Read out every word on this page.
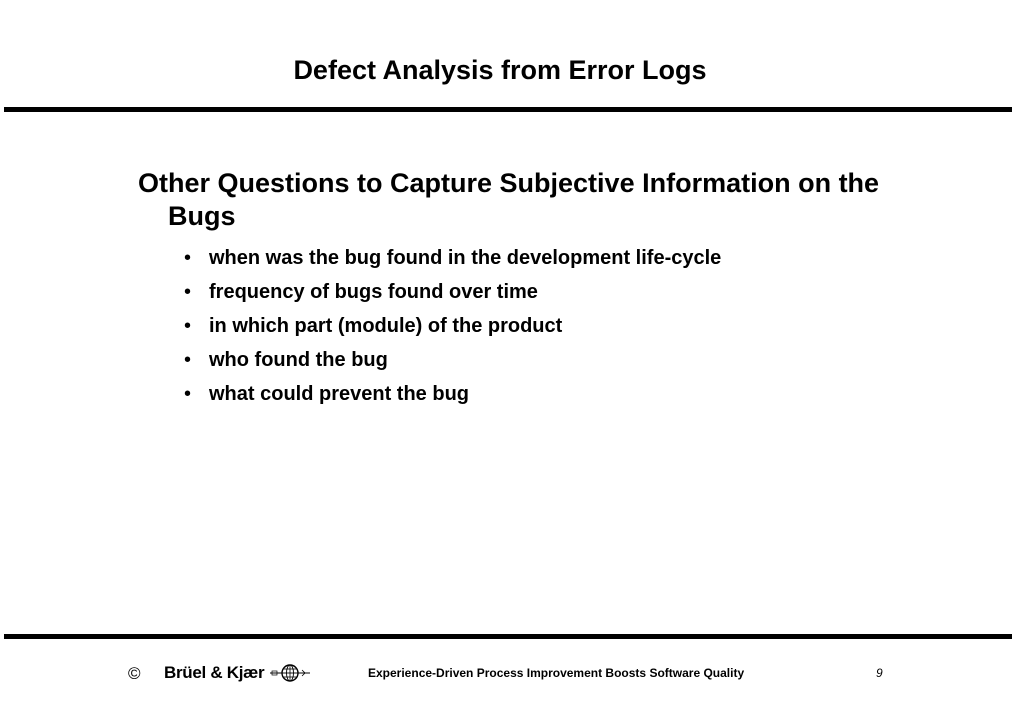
Defect Analysis from Error Logs

Other Questions to Capture Subjective Information on the Bugs

• when was the bug found in the development life-cycle
• frequency of bugs found over time
• in which part (module) of the product
• who found the bug
• what could prevent the bug
© Brüel & Kjær	Experience-Driven Process Improvement Boosts Software Quality	9
